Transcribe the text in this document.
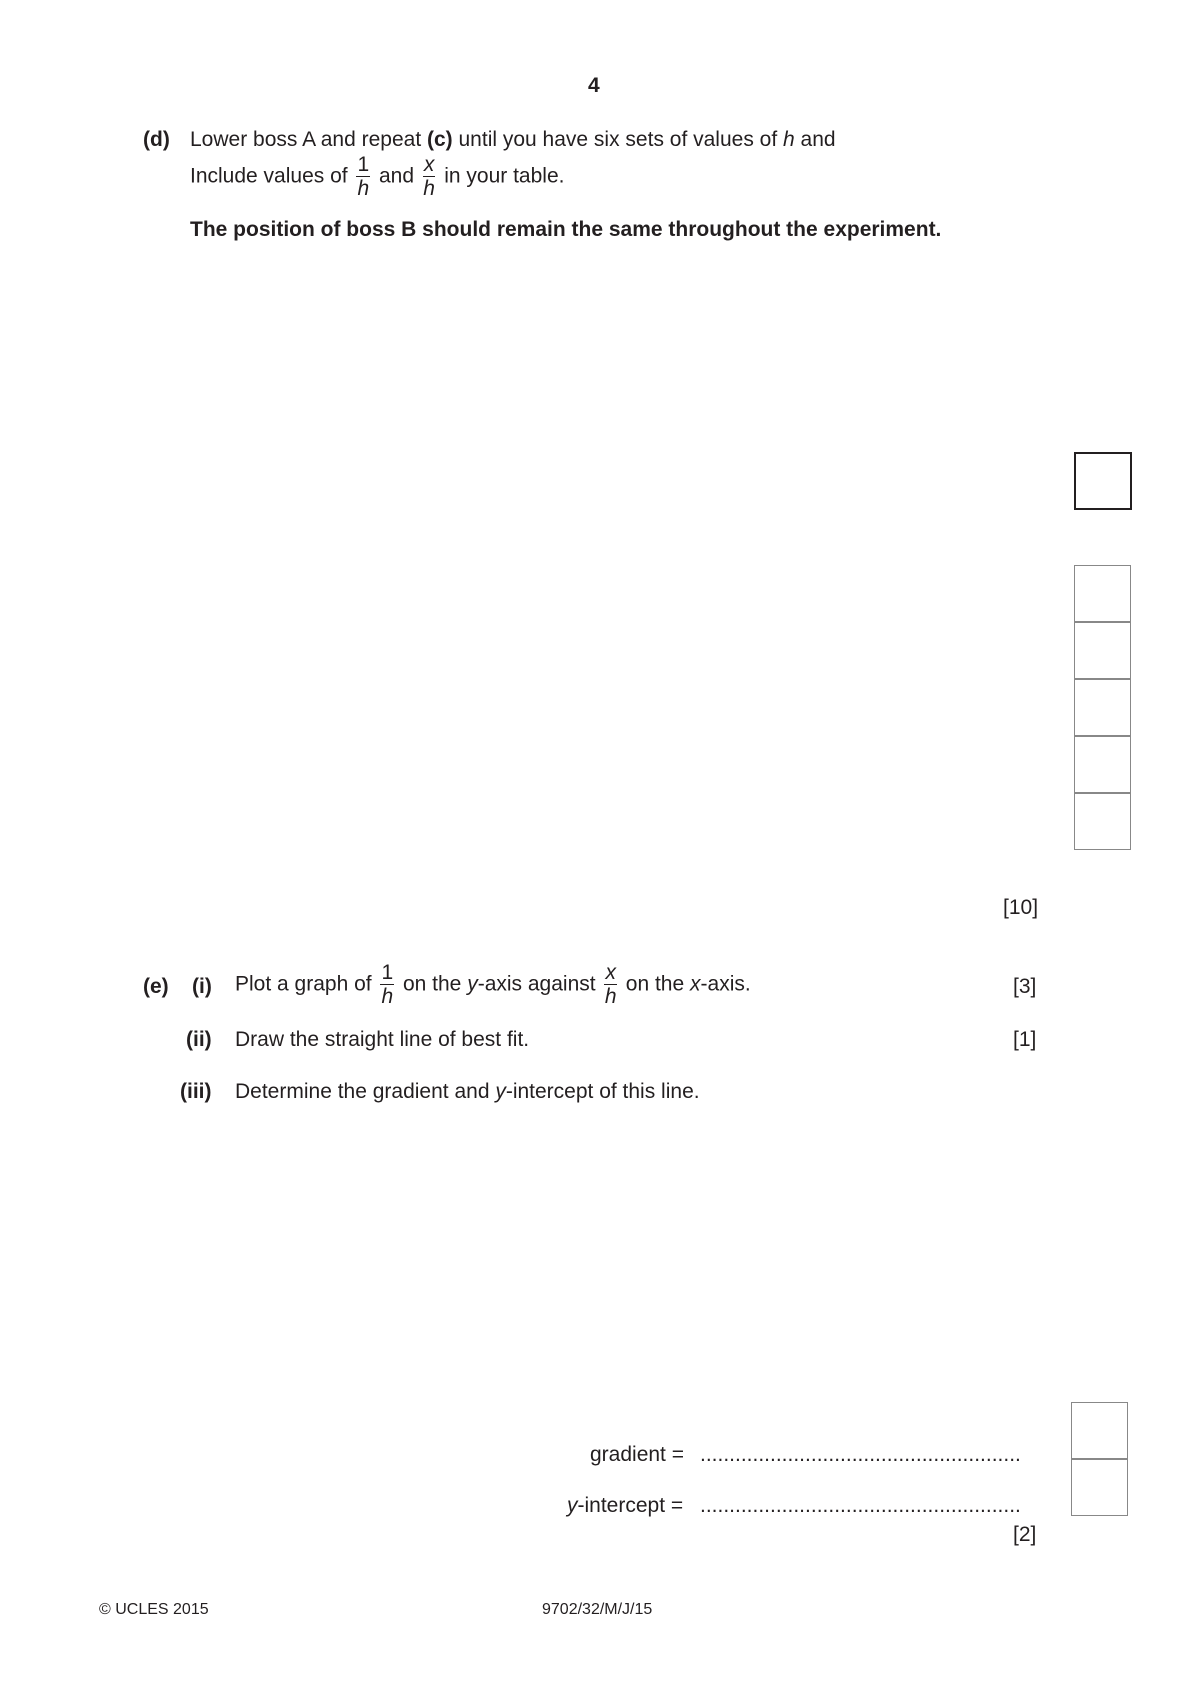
4
(d) Lower boss A and repeat (c) until you have six sets of values of h and
Include values of $\frac{1}{h}$ and $\frac{x}{h}$ in your table.
The position of boss B should remain the same throughout the experiment.
[10]
(e) (i) Plot a graph of $\frac{1}{h}$ on the y-axis against $\frac{x}{h}$ on the x-axis.	[3]
(ii) Draw the straight line of best fit.	[1]
(iii) Determine the gradient and y-intercept of this line.
gradient = .......................................................
y-intercept = .......................................................
[2]
© UCLES 2015	9702/32/M/J/15
